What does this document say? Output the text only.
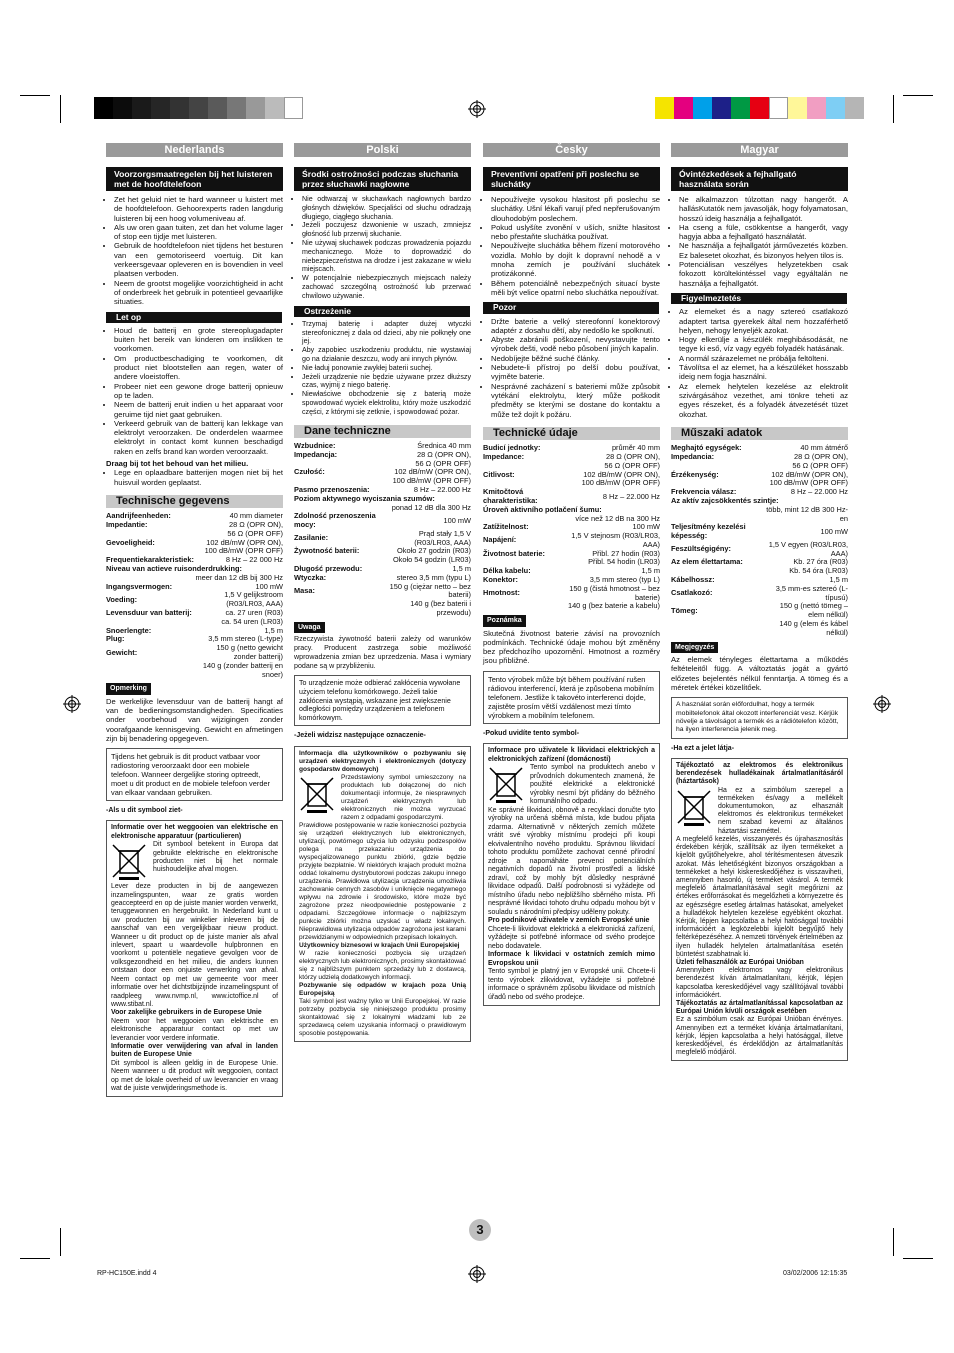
Nederlands
Voorzorgsmaatregelen bij het luisteren met de hoofdtelefoon
• Zet het geluid niet te hard wanneer u luistert met de hoofdtelefoon. Gehoorexperts raden langdurig luisteren bij een hoog volumeniveau af.
• Als uw oren gaan tuiten, zet dan het volume lager of stop een tijdje met luisteren.
• Gebruik de hoofdtelefoon niet tijdens het besturen van een gemotoriseerd voertuig. Dit kan verkeersgevaar opleveren en is bovendien in veel plaatsen verboden.
• Neem de grootst mogelijke voorzichtigheid in acht of onderbreek het gebruik in potentieel gevaarlijke situaties.
Let op
• Houd de batterij en grote stereoplugadapter buiten het bereik van kinderen om inslikken te voorkomen.
• Om productbeschadiging te voorkomen, dit product niet blootstellen aan regen, water of andere vloeistoffen.
• Probeer niet een gewone droge batterij opnieuw op te laden.
• Neem de batterij eruit indien u het apparaat voor geruime tijd niet gaat gebruiken.
• Verkeerd gebruik van de batterij kan lekkage van elektrolyt veroorzaken. De onderdelen waarmee elektrolyt in contact komt kunnen beschadigd raken en zelfs brand kan worden veroorzaakt.

Draag bij tot het behoud van het milieu.

• Lege en oplaadbare batterijen mogen niet bij het huisvuil worden geplaatst.
Technische gegevens
Aandrijfeenheden:	40 mm diameter
Impedantie:	28 Ω (OPR ON),
	56 Ω (OPR OFF)
Gevoeligheid:	102 dB/mW (OPR ON),
	100 dB/mW (OPR OFF)
Frequentiekarakteristiek:	8 Hz – 22 000 Hz
Niveau van actieve ruisonderdrukking:	
	meer dan 12 dB bij 300 Hz
Ingangsvermogen:	100 mW
Voeding:	1,5 V gelijkstroom (R03/LR03, AAA)
Levensduur van batterij:	ca. 27 uren (R03)
	ca. 54 uren (LR03)
Snoerlengte:	1,5 m
Plug:	3,5 mm stereo (L-type)
Gewicht:	150 g (netto gewicht zonder batterij)
	140 g (zonder batterij en snoer)
Opmerking

De werkelijke levensduur van de batterij hangt af van de bedieningsomstandigheden. Specificaties onder voorbehoud van wijzigingen zonder voorafgaande kennisgeving. Gewicht en afmetingen zijn bij benadering opgegeven.

Tijdens het gebruik is dit product vatbaar voor radiostoring veroorzaakt door een mobiele telefoon. Wanneer dergelijke storing optreedt, moet u dit product en de mobiele telefoon verder van elkaar vandaan gebruiken.

-Als u dit symbool ziet-

Informatie over het weggooien van elektrische en elektronische apparatuur (particulieren)

Dit symbool betekent in Europa dat gebruikte elektrische en elektronische producten niet bij het normale huishoudelijke afval mogen.

Lever deze producten in bij de aangewezen inzamelingspunten, waar ze gratis worden geaccepteerd en op de juiste manier worden verwerkt, teruggewonnen en hergebruikt. In Nederland kunt u uw producten bij uw winkelier inleveren bij de aanschaf van een vergelijkbaar nieuw product. Wanneer u dit product op de juiste manier als afval inlevert, spaart u waardevolle hulpbronnen en voorkomt u potentiële negatieve gevolgen voor de volksgezondheid en het milieu, die anders kunnen ontstaan door een onjuiste verwerking van afval. Neem contact op met uw gemeente voor meer informatie over het dichtstbijzijnde inzamelingspunt of raadpleeg www.nvmp.nl, www.ictoffice.nl of www.stibat.nl.

Voor zakelijke gebruikers in de Europese Unie

Neem voor het weggooien van elektrische en elektronische apparatuur contact op met uw leverancier voor verdere informatie.

Informatie over verwijdering van afval in landen buiten de Europese Unie

Dit symbool is alleen geldig in de Europese Unie. Neem wanneer u dit product wilt weggooien, contact op met de lokale overheid of uw leverancier en vraag wat de juiste verwijderingsmethode is.

Polski
Środki ostrożności podczas słuchania przez słuchawki nagłowne
• Nie odtwarzaj w słuchawkach nagłownych bardzo głośnych dźwięków. Specjaliści od słuchu odradzają długiego, ciągłego słuchania.
• Jeżeli poczujesz dzwonienie w uszach, zmniejsz głośność lub przerwij słuchanie.
• Nie używaj słuchawek podczas prowadzenia pojazdu mechanicznego. Może to doprowadzić do niebezpieczeństwa na drodze i jest zakazane w wielu miejscach.
• W potencjalnie niebezpiecznych miejscach należy zachować szczególną ostrożność lub przerwać chwilowo używanie.
Ostrzeżenie
• Trzymaj baterię i adapter dużej wtyczki stereofonicznej z dala od dzieci, aby nie połknęły one jej.
• Aby zapobiec uszkodzeniu produktu, nie wystawiaj go na działanie deszczu, wody ani innych płynów.
• Nie ładuj ponownie zwykłej baterii suchej.
• Jeżeli urządzenie nie będzie używane przez dłuższy czas, wyjmij z niego baterię.
• Niewłaściwe obchodzenie się z baterią może spowodować wyciek elektrolitu, który może uszkodzić części, z którymi się zetknie, i spowodować pożar.
Dane techniczne
Wzbudnice:	Średnica 40 mm
Impedancja:	28 Ω (OPR ON),
	56 Ω (OPR OFF)
Czułość:	102 dB/mW (OPR ON),
	100 dB/mW (OPR OFF)
Pasmo przenoszenia:	8 Hz – 22.000 Hz
Poziom aktywnego wyciszania szumów:	
	ponad 12 dB dla 300 Hz
Zdolność przenoszenia mocy:	100 mW
Zasilanie:	Prąd stały 1,5 V (R03/LR03, AAA)
Żywotność baterii:	Około 27 godzin (R03)
	Około 54 godzin (LR03)
Długość przewodu:	1,5 m
Wtyczka:	stereo 3,5 mm (typu L)
Masa:	150 g (ciężar netto – bez baterii)
	140 g (bez baterii i przewodu)
Uwaga

Rzeczywista żywotność baterii zależy od warunków pracy. Producent zastrzega sobie możliwość wprowadzenia zmian bez uprzedzenia. Masa i wymiary podane są w przybliżeniu.

To urządzenie może odbierać zakłócenia wywołane użyciem telefonu komórkowego. Jeżeli takie zakłócenia wystąpią, wskazane jest zwiększenie odległości pomiędzy urządzeniem a telefonem komórkowym.

-Jeżeli widzisz następujące oznaczenie-

Informacja dla użytkowników o pozbywaniu się urządzeń elektrycznych i elektronicznych (dotyczy gospodarstw domowych)

Przedstawiony symbol umieszczony na produktach lub dołączonej do nich dokumentacji informuje, że niesprawnych urządzeń elektrycznych lub elektronicznych nie można wyrzucać razem z odpadami gospodarczymi.

Prawidłowe postępowanie w razie konieczności pozbycia się urządzeń elektrycznych lub elektronicznych, utylizacji, powtórnego użycia lub odzysku podzespołów polega na przekazaniu urządzenia do wyspecjalizowanego punktu zbiórki, gdzie będzie przyjęte bezpłatnie. W niektórych krajach produkt można oddać lokalnemu dystrybutorowi podczas zakupu innego urządzenia. Prawidłowa utylizacja urządzenia umożliwia zachowanie cennych zasobów i uniknięcie negatywnego wpływu na zdrowie i środowisko, które może być zagrożone przez nieodpowiednie postępowanie z odpadami. Szczegółowe informacje o najbliższym punkcie zbiórki można uzyskać u władz lokalnych. Nieprawidłowa utylizacja odpadów zagrożona jest karami przewidzianymi w odpowiednich przepisach lokalnych.

Użytkownicy biznesowi w krajach Unii Europejskiej

W razie konieczności pozbycia się urządzeń elektrycznych lub elektronicznych, prosimy skontaktować się z najbliższym punktem sprzedaży lub z dostawcą, którzy udzielą dodatkowych informacji.

Pozbywanie się odpadów w krajach poza Unią Europejską

Taki symbol jest ważny tylko w Unii Europejskej. W razie potrzeby pozbycia się niniejszego produktu prosimy skontaktować się z lokalnymi władzami lub ze sprzedawcą celem uzyskania informacji o prawidłowym sposobie postępowania.

Česky
Preventivní opatření při poslechu se sluchátky
• Nepoužívejte vysokou hlasitost při poslechu se sluchátky. Ušní lékaři varují před nepřerušovaným dlouhodobým poslechem.
• Pokud uslyšíte zvonění v uších, snižte hlasitost nebo přestaňte sluchátka používat.
• Nepoužívejte sluchátka během řízení motorového vozidla. Mohlo by dojít k dopravní nehodě a v mnoha zemích je používání sluchátek protizákonné.
• Během potenciálně nebezpečných situací byste měli být velice opatrní nebo sluchátka nepoužívat.
Pozor
• Držte baterie a velký stereofonní konektorový adaptér z dosahu dětí, aby nedošlo ke spolknutí.
• Abyste zabránili poškození, nevystavujte tento výrobek dešti, vodě nebo působení jiných kapalin.
• Nedobíjejte běžné suché články.
• Nebudete-li přístroj po delší dobu používat, vyjměte baterie.
• Nesprávné zacházení s bateriemi může způsobit vytékání elektrolytu, který může poškodit předměty se kterými se dostane do kontaktu a může tež dojít k požáru.
Technické údaje
Budicí jednotky:	průměr 40 mm
Impedance:	28 Ω (OPR ON),
	56 Ω (OPR OFF)
Citlivost:	102 dB/mW (OPR ON),
	100 dB/mW (OPR OFF)
Kmitočtová charakteristika:	8 Hz – 22.000 Hz
Úroveň aktivního potlačení šumu:	
	více než 12 dB na 300 Hz
Zatížitelnost:	100 mW
Napájení:	1,5 V stejnosm (R03/LR03, AAA)
Životnost baterie:	Přibl. 27 hodin (R03)
	Přibl. 54 hodin (LR03)
Délka kabelu:	1,5 m
Konektor:	3,5 mm stereo (typ L)
Hmotnost:	150 g (čistá hmotnost – bez baterie)
	140 g (bez baterie a kabelu)
Poznámka

Skutečná životnost baterie závisí na provozních podmínkách. Technické údaje mohou být změněny bez předchozího upozornění. Hmotnost a rozměry jsou přibližné.

Tento výrobek může být během používání rušen rádiovou interferencí, která je způsobena mobilním telefonem. Jestliže k takovéto interferenci dojde, zajistěte prosím větší vzdálenost mezi tímto výrobkem a mobilním telefonem.

-Pokud uvidíte tento symbol-

Informace pro uživatele k likvidaci elektrických a elektronických zařízení (domácnosti)

Tento symbol na produktech anebo v průvodních dokumentech znamená, že použité elektrické a elektronické výrobky nesmí být přidány do běžného komunálního odpadu.

Ke správné likvidaci, obnově a recyklaci doručte tyto výrobky na určená sběrná místa, kde budou přijata zdarma. Alternativně v některých zemích můžete vrátit své výrobky místnímu prodejci při koupi ekvivalentního nového produktu. Správnou likvidací tohoto produktu pomůžete zachovat cenné přírodní zdroje a napomáháte prevenci potenciálních negativních dopadů na životní prostředí a lidské zdraví, což by mohly být důsledky nesprávné likvidace odpadů. Další podrobnosti si vyžádejte od místního úřadu nebo nejbližšího sběrného místa. Při nesprávné likvidaci tohoto druhu odpadu mohou být v souladu s národními předpisy uděleny pokuty.

Pro podnikové uživatele v zemích Evropské unie

Chcete-li likvidovat elektrická a elektronická zařízení, vyžádejte si potřebné informace od svého prodejce nebo dodavatele.

Informace k likvidaci v ostatních zemích mimo Evropskou unii

Tento symbol je platný jen v Evropské unii. Chcete-li tento výrobek zlikvidovat, vyžádejte si potřebné informace o správném způsobu likvidace od místních úřadů nebo od svého prodejce.

Magyar
Óvintézkedések a fejhallgató használata során
• Ne alkalmazzon túlzottan nagy hangerőt. A hallásKutatók nem javasolják, hogy folyamatosan, hosszú ideig használja a fejhallgatót.
• Ha cseng a füle, csökkentse a hangerőt, vagy hagyja abba a fejhallgató használatát.
• Ne használja a fejhallgatót járművezetés közben. Ez balesetet okozhat, és bizonyos helyen tilos is.
• Potenciálisan veszélyes helyzetekben csak fokozott körültekintéssel vagy egyáltalán ne használja a fejhallgatót.
Figyelmeztetés
• Az elemeket és a nagy sztereó csatlakozó adaptert tartsa gyerekek által nem hozzaférhető helyen, nehogy lenyeljék azokat.
• Hogy elkerülje a készülék meghibásodását, ne tegye ki eső, víz vagy egyéb folyadék hatásának.
• A normál szárazelemet ne próbálja feltölteni.
• Távolítsa el az elemet, ha a készüléket hosszabb ideig nem fogja használni.
• Az elemek helytelen kezelése az elektrolit szivárgásához vezethet, ami tönkre teheti az egyes részeket, és a folyadék átvezetését tüzet okozhat.
Műszaki adatok
Meghajtó egységek:	40 mm átmérő
Impedancia:	28 Ω (OPR ON),
	56 Ω (OPR OFF)
Érzékenység:	102 dB/mW (OPR ON),
	100 dB/mW (OPR OFF)
Frekvencia válasz:	8 Hz – 22.000 Hz
Az aktív zajcsökkentés szintje:	
	több, mint 12 dB 300 Hz-en
Teljesítmény kezelési képesség:	100 mW
Feszültségigény:	1,5 V egyen (R03/LR03, AAA)
Az elem élettartama:	Kb. 27 óra (R03)
	Kb. 54 óra (LR03)
Kábelhossz:	1,5 m
Csatlakozó:	3,5 mm-es sztereó (L-típusú)
Tömeg:	150 g (nettó tömeg – elem nélkül)
	140 g (elem és kábel nélkül)
Megjegyzés

Az elemek tényleges élettartama a működés feltételeitől függ. A változtatás jogát a gyártó előzetes bejelentés nélkül fenntartja. A tömeg és a méretek értékei közelítőek.

A használat során előfordulhat, hogy a termék mobiltelefonok által okozott interferenciát vesz. Kérjük növelje a távolságot a termék és a rádiótelefon között, ha ilyen interferencia jelenik meg.

-Ha ezt a jelet látja-

Tájékoztató az elektromos és elektronikus berendezések hulladékainak ártalmatlanításáról (háztartások)

Ha ez a szimbólum szerepel a termékeken és/vagy a mellékelt dokumentumokon, az elhasznált elektromos és elektronikus termékeket nem szabad keverni az általános háztartási szeméttel.

A megfelelő kezelés, visszanyerés és újrahasznosítás érdekében kérjük, szállítsák az ilyen termékeket a kijelölt gyűjtőhelyekre, ahol térítésmentesen átveszik azokat. Más lehetőségként bizonyos országokban a termékeket a helyi kiskereskedőjéhez is visszaviheti, amennyiben hasonló, új terméket vásárol. A termék megfelelő ártalmatlanításával segít megőrizni az értékes erőforrásokat és megelőzheti a környezetre és az egészségre esetleg ártalmas hatásokat, amelyeket a hulladékok helytelen kezelése egyébként okozhat. Kérjük, lépjen kapcsolatba a helyi hatósággal további információért a legközelebbi kijelölt begyűjtő hely feltérképezéséhez. A nemzeti törvények értelmében az ilyen hulladék helytelen ártalmatlanítása esetén büntetést szabhatnak ki.

Üzleti felhasználók az Európai Unióban

Amennyiben elektromos vagy elektronikus berendezést kíván ártalmatlanítani, kérjük, lépjen kapcsolatba kereskedőjével vagy szállítójával további információkért.

Tájékoztatás az ártalmatlanítással kapcsolatban az Európai Unión kívüli országok esetében

Ez a szimbólum csak az Európai Unióban érvényes. Amennyiben ezt a terméket kívánja ártalmatlanítani, kérjük, lépjen kapcsolatba a helyi hatósággal, illetve kereskedőjével, és érdeklődjön az ártalmatlanítás megfelelő módjáról.

3
RP-HC150E.indd 4	03/02/2006 12:15:35
